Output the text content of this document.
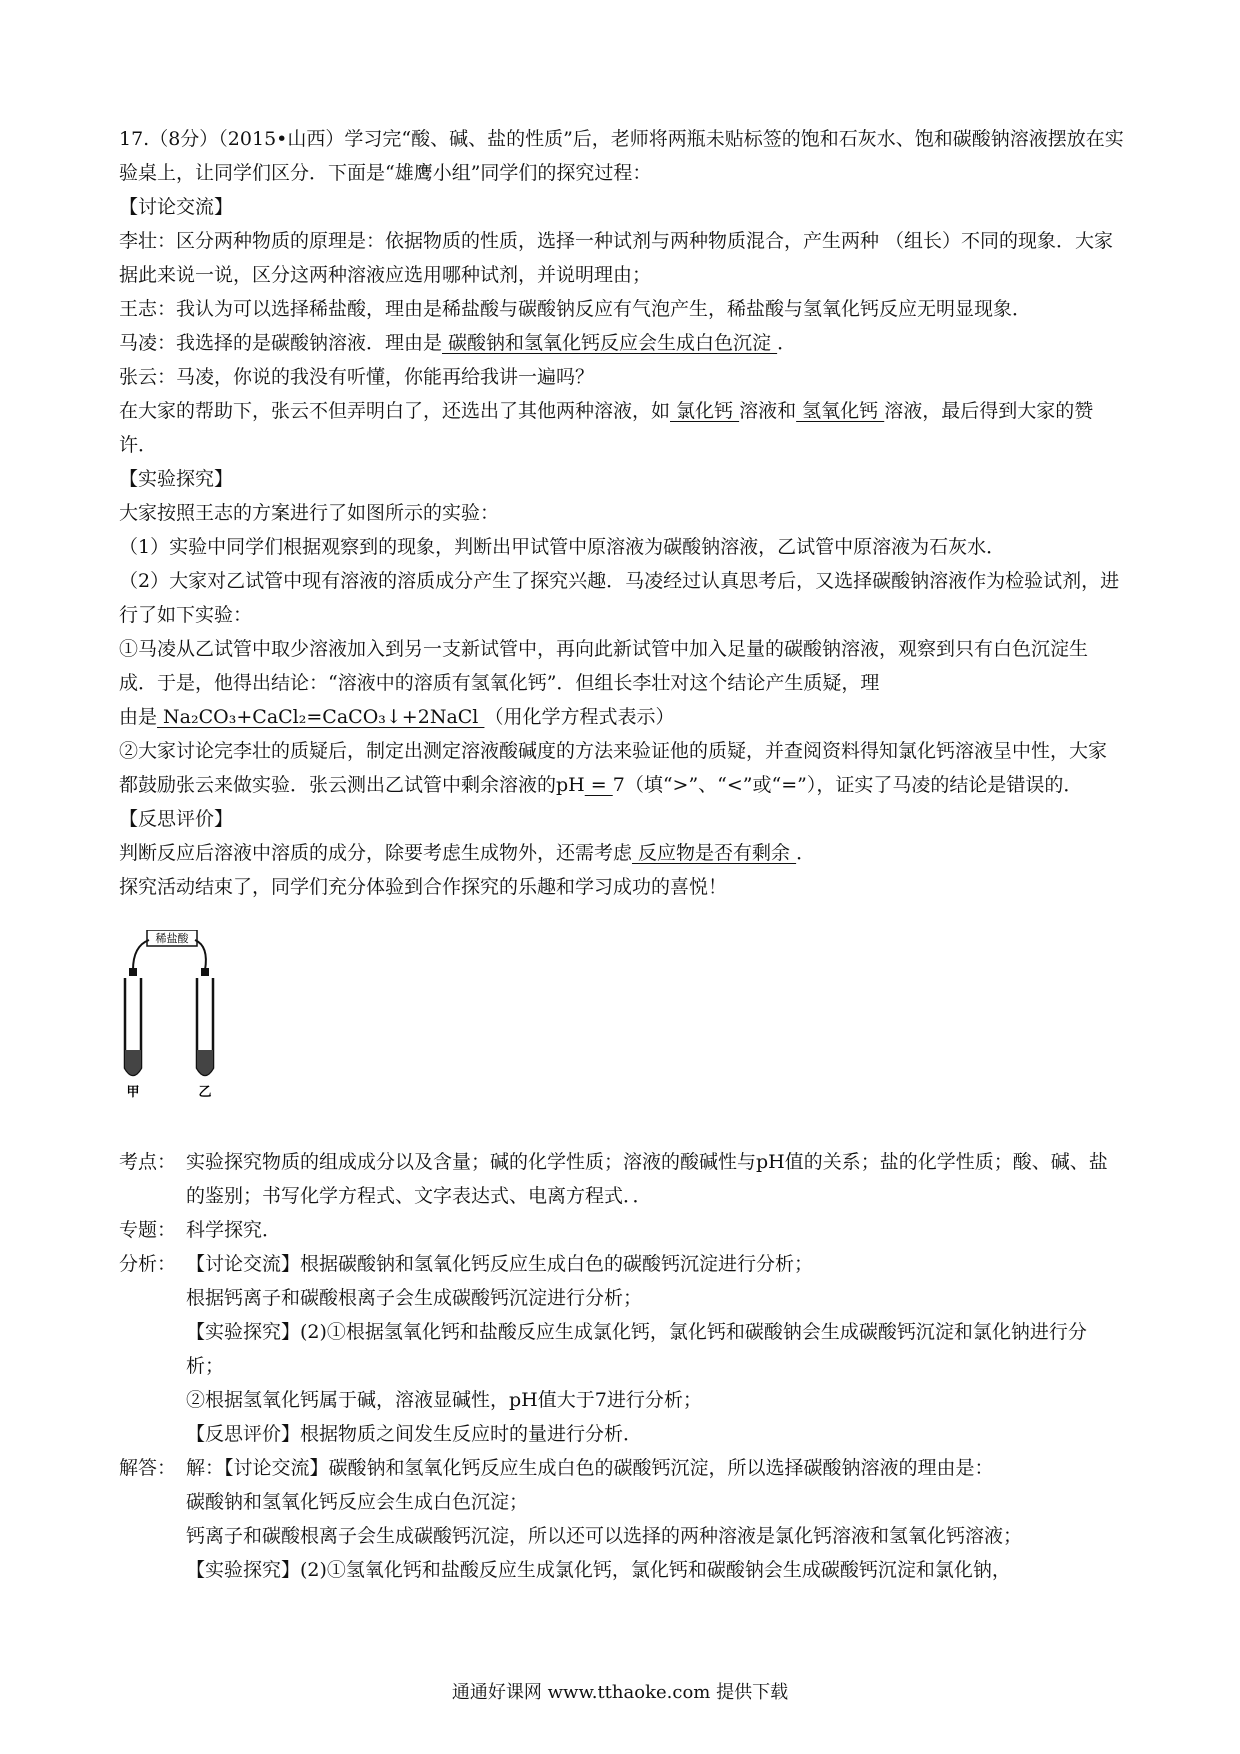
17.（8分）（2015•山西）学习完“酸、碱、盐的性质”后，老师将两瓶未贴标签的饱和石灰水、饱和碳酸钠溶液摆放在实验桌上，让同学们区分．下面是“雄鹰小组”同学们的探究过程：

【讨论交流】

李壮：区分两种物质的原理是：依据物质的性质，选择一种试剂与两种物质混合，产生两种 （组长）不同的现象．大家据此来说一说，区分这两种溶液应选用哪种试剂，并说明理由；

王志：我认为可以选择稀盐酸，理由是稀盐酸与碳酸钠反应有气泡产生，稀盐酸与氢氧化钙反应无明显现象．

马凌：我选择的是碳酸钠溶液．理由是 碳酸钠和氢氧化钙反应会生成白色沉淀 ．

张云：马凌，你说的我没有听懂，你能再给我讲一遍吗？

在大家的帮助下，张云不但弄明白了，还选出了其他两种溶液，如 氯化钙 溶液和 氢氧化钙 溶液，最后得到大家的赞许．

【实验探究】

大家按照王志的方案进行了如图所示的实验：

（1）实验中同学们根据观察到的现象，判断出甲试管中原溶液为碳酸钠溶液，乙试管中原溶液为石灰水．

（2）大家对乙试管中现有溶液的溶质成分产生了探究兴趣．马凌经过认真思考后，又选择碳酸钠溶液作为检验试剂，进行了如下实验：

①马凌从乙试管中取少溶液加入到另一支新试管中，再向此新试管中加入足量的碳酸钠溶液，观察到只有白色沉淀生成．于是，他得出结论：“溶液中的溶质有氢氧化钙”．但组长李壮对这个结论产生质疑，理

由是 Na₂CO₃+CaCl₂=CaCO₃↓+2NaCl （用化学方程式表示）

②大家讨论完李壮的质疑后，制定出测定溶液酸碱度的方法来验证他的质疑，并查阅资料得知氯化钙溶液呈中性，大家都鼓励张云来做实验．张云测出乙试管中剩余溶液的pH = 7（填“>”、“<”或“=”），证实了马凌的结论是错误的．

【反思评价】

判断反应后溶液中溶质的成分，除要考虑生成物外，还需考虑 反应物是否有剩余 ．

探究活动结束了，同学们充分体验到合作探究的乐趣和学习成功的喜悦！

稀盐酸
甲	乙
考点： 实验探究物质的组成成分以及含量；碱的化学性质；溶液的酸碱性与pH值的关系；盐的化学性质；酸、碱、盐的鉴别；书写化学方程式、文字表达式、电离方程式．．

专题： 科学探究．

分析： 【讨论交流】根据碳酸钠和氢氧化钙反应生成白色的碳酸钙沉淀进行分析；

根据钙离子和碳酸根离子会生成碳酸钙沉淀进行分析；

【实验探究】(2)①根据氢氧化钙和盐酸反应生成氯化钙，氯化钙和碳酸钠会生成碳酸钙沉淀和氯化钠进行分析；

②根据氢氧化钙属于碱，溶液显碱性，pH值大于7进行分析；

【反思评价】根据物质之间发生反应时的量进行分析．

解答： 解：【讨论交流】碳酸钠和氢氧化钙反应生成白色的碳酸钙沉淀，所以选择碳酸钠溶液的理由是：

碳酸钠和氢氧化钙反应会生成白色沉淀；

钙离子和碳酸根离子会生成碳酸钙沉淀，所以还可以选择的两种溶液是氯化钙溶液和氢氧化钙溶液；

【实验探究】(2)①氢氧化钙和盐酸反应生成氯化钙，氯化钙和碳酸钠会生成碳酸钙沉淀和氯化钠，

通通好课网 www.tthaoke.com 提供下载
